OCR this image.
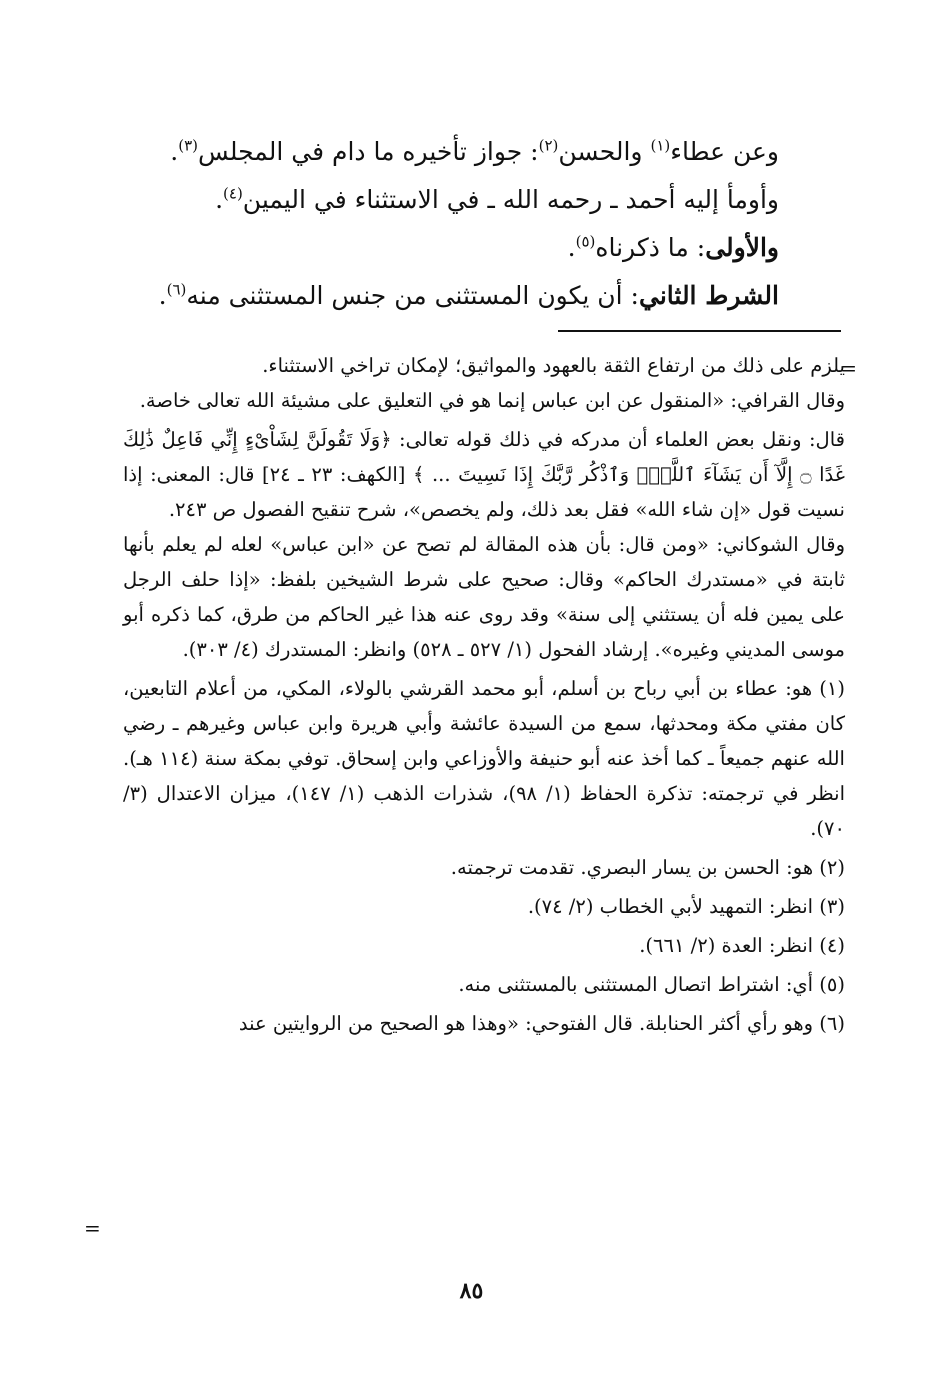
وعن عطاء$^{(١)}$ والحسن$^{(٢)}$: جواز تأخيره ما دام في المجلس$^{(٣)}$.

وأومأ إليه أحمد ـ رحمه الله ـ في الاستثناء في اليمين$^{(٤)}$.

والأولى: ما ذكرناه$^{(٥)}$.

الشرط الثاني: أن يكون المستثنى من جنس المستثنى منه$^{(٦)}$.

=

يلزم على ذلك من ارتفاع الثقة بالعهود والمواثيق؛ لإمكان تراخي الاستثناء.

وقال القرافي: «المنقول عن ابن عباس إنما هو في التعليق على مشيئة الله تعالى خاصة.

قال: ونقل بعض العلماء أن مدركه في ذلك قوله تعالى: ﴿وَلَا تَقُولَنَّ لِشَاْىْءٍ إِنِّي فَاعِلٌ ذَٰلِكَ غَدًا ۝ إِلَّآ أَن يَشَآءَ ٱللَّهُۚ وَٱذْكُر رَّبَّكَ إِذَا نَسِيتَ ... ﴾ [الكهف: ٢٣ ـ ٢٤] قال: المعنى: إذا نسيت قول «إن شاء الله» فقل بعد ذلك، ولم يخصص»، شرح تنقيح الفصول ص ٢٤٣.

وقال الشوكاني: «ومن قال: بأن هذه المقالة لم تصح عن «ابن عباس» لعله لم يعلم بأنها ثابتة في «مستدرك الحاكم» وقال: صحيح على شرط الشيخين بلفظ: «إذا حلف الرجل على يمين فله أن يستثني إلى سنة» وقد روى عنه هذا غير الحاكم من طرق، كما ذكره أبو موسى المديني وغيره». إرشاد الفحول (١/ ٥٢٧ ـ ٥٢٨) وانظر: المستدرك (٤/ ٣٠٣).

(١) هو: عطاء بن أبي رباح بن أسلم، أبو محمد القرشي بالولاء، المكي، من أعلام التابعين، كان مفتي مكة ومحدثها، سمع من السيدة عائشة وأبي هريرة وابن عباس وغيرهم ـ رضي الله عنهم جميعاً ـ كما أخذ عنه أبو حنيفة والأوزاعي وابن إسحاق. توفي بمكة سنة (١١٤ هـ). انظر في ترجمته: تذكرة الحفاظ (١/ ٩٨)، شذرات الذهب (١/ ١٤٧)، ميزان الاعتدال (٣/ ٧٠).

(٢) هو: الحسن بن يسار البصري. تقدمت ترجمته.

(٣) انظر: التمهيد لأبي الخطاب (٢/ ٧٤).

(٤) انظر: العدة (٢/ ٦٦١).

(٥) أي: اشتراط اتصال المستثنى بالمستثنى منه.

(٦) وهو رأي أكثر الحنابلة. قال الفتوحي: «وهذا هو الصحيح من الروايتين عند

=
٨٥
